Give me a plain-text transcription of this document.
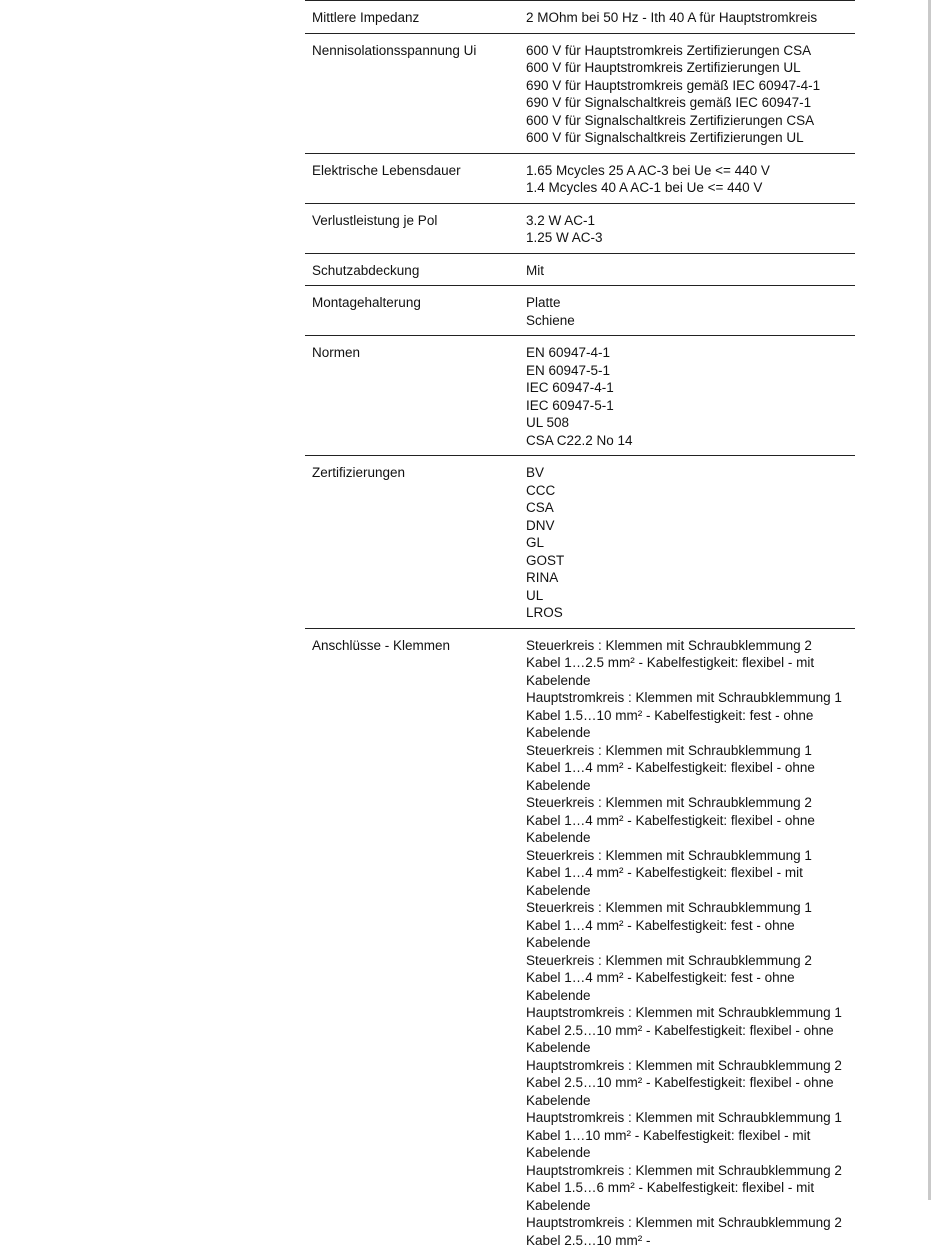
Mittlere Impedanz	2 MOhm bei 50 Hz - Ith 40 A für Hauptstromkreis
Nennisolationsspannung Ui	600 V für Hauptstromkreis Zertifizierungen CSA
600 V für Hauptstromkreis Zertifizierungen UL
690 V für Hauptstromkreis gemäß IEC 60947-4-1
690 V für Signalschaltkreis gemäß IEC 60947-1
600 V für Signalschaltkreis Zertifizierungen CSA
600 V für Signalschaltkreis Zertifizierungen UL
Elektrische Lebensdauer	1.65 Mcycles 25 A AC-3 bei Ue <= 440 V
1.4 Mcycles 40 A AC-1 bei Ue <= 440 V
Verlustleistung je Pol	3.2 W AC-1
1.25 W AC-3
Schutzabdeckung	Mit
Montagehalterung	Platte
Schiene
Normen	EN 60947-4-1
EN 60947-5-1
IEC 60947-4-1
IEC 60947-5-1
UL 508
CSA C22.2 No 14
Zertifizierungen	BV
CCC
CSA
DNV
GL
GOST
RINA
UL
LROS
Anschlüsse - Klemmen	Steuerkreis : Klemmen mit Schraubklemmung 2 Kabel 1…2.5 mm² - Kabelfestigkeit: flexibel - mit Kabelende
Hauptstromkreis : Klemmen mit Schraubklemmung 1 Kabel 1.5…10 mm² - Kabelfestigkeit: fest - ohne Kabelende
Steuerkreis : Klemmen mit Schraubklemmung 1 Kabel 1…4 mm² - Kabelfestigkeit: flexibel - ohne Kabelende
Steuerkreis : Klemmen mit Schraubklemmung 2 Kabel 1…4 mm² - Kabelfestigkeit: flexibel - ohne Kabelende
Steuerkreis : Klemmen mit Schraubklemmung 1 Kabel 1…4 mm² - Kabelfestigkeit: flexibel - mit Kabelende
Steuerkreis : Klemmen mit Schraubklemmung 1 Kabel 1…4 mm² - Kabelfestigkeit: fest - ohne Kabelende
Steuerkreis : Klemmen mit Schraubklemmung 2 Kabel 1…4 mm² - Kabelfestigkeit: fest - ohne Kabelende
Hauptstromkreis : Klemmen mit Schraubklemmung 1 Kabel 2.5…10 mm² - Kabelfestigkeit: flexibel - ohne Kabelende
Hauptstromkreis : Klemmen mit Schraubklemmung 2 Kabel 2.5…10 mm² - Kabelfestigkeit: flexibel - ohne Kabelende
Hauptstromkreis : Klemmen mit Schraubklemmung 1 Kabel 1…10 mm² - Kabelfestigkeit: flexibel - mit Kabelende
Hauptstromkreis : Klemmen mit Schraubklemmung 2 Kabel 1.5…6 mm² - Kabelfestigkeit: flexibel - mit Kabelende
Hauptstromkreis : Klemmen mit Schraubklemmung 2 Kabel 2.5…10 mm² -
